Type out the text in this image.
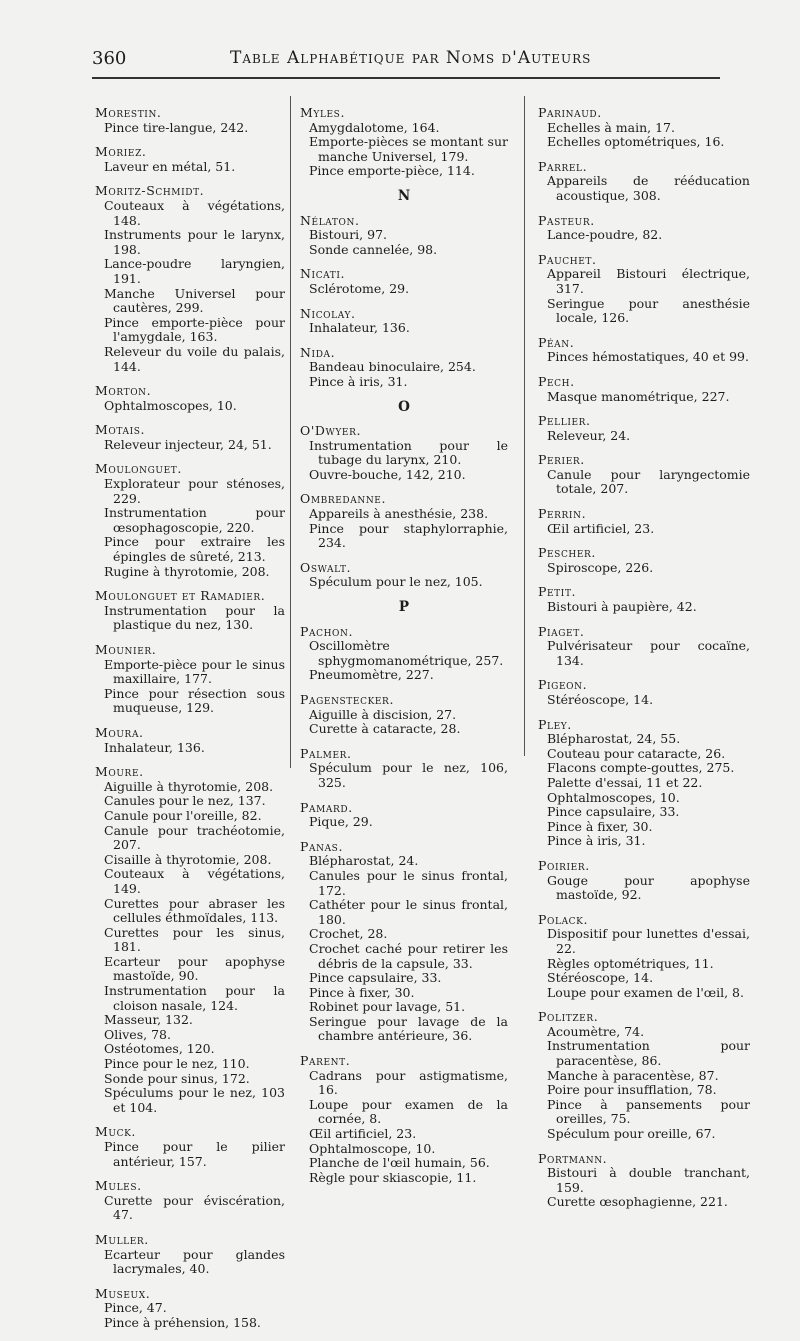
360	Table Alphabétique par Noms d'Auteurs
Morestin.
Pince tire-langue, 242.
Moriez.
Laveur en métal, 51.
Moritz-Schmidt.
Couteaux à végétations, 148.
Instruments pour le larynx, 198.
Lance-poudre laryngien, 191.
Manche Universel pour cautères, 299.
Pince emporte-pièce pour l'amygdale, 163.
Releveur du voile du palais, 144.
Morton.
Ophtalmoscopes, 10.
Motais.
Releveur injecteur, 24, 51.
Moulonguet.
Explorateur pour sténoses, 229.
Instrumentation pour œsophagoscopie, 220.
Pince pour extraire les épingles de sûreté, 213.
Rugine à thyrotomie, 208.
Moulonguet et Ramadier.
Instrumentation pour la plastique du nez, 130.
Mounier.
Emporte-pièce pour le sinus maxillaire, 177.
Pince pour résection sous muqueuse, 129.
Moura.
Inhalateur, 136.
Moure.
Aiguille à thyrotomie, 208.
Canules pour le nez, 137.
Canule pour l'oreille, 82.
Canule pour trachéotomie, 207.
Cisaille à thyrotomie, 208.
Couteaux à végétations, 149.
Curettes pour abraser les cellules éthmoïdales, 113.
Curettes pour les sinus, 181.
Ecarteur pour apophyse mastoïde, 90.
Instrumentation pour la cloison nasale, 124.
Masseur, 132.
Olives, 78.
Ostéotomes, 120.
Pince pour le nez, 110.
Sonde pour sinus, 172.
Spéculums pour le nez, 103 et 104.
Muck.
Pince pour le pilier antérieur, 157.
Mules.
Curette pour éviscération, 47.
Muller.
Ecarteur pour glandes lacrymales, 40.
Museux.
Pince, 47.
Pince à préhension, 158.
Myles.
Amygdalotome, 164.
Emporte-pièces se montant sur manche Universel, 179.
Pince emporte-pièce, 114.
N
Nélaton.
Bistouri, 97.
Sonde cannelée, 98.
Nicati.
Sclérotome, 29.
Nicolay.
Inhalateur, 136.
Nida.
Bandeau binoculaire, 254.
Pince à iris, 31.
O
O'Dwyer.
Instrumentation pour le tubage du larynx, 210.
Ouvre-bouche, 142, 210.
Ombredanne.
Appareils à anesthésie, 238.
Pince pour staphylorraphie, 234.
Oswalt.
Spéculum pour le nez, 105.
P
Pachon.
Oscillomètre sphygmomanométrique, 257.
Pneumomètre, 227.
Pagenstecker.
Aiguille à discision, 27.
Curette à cataracte, 28.
Palmer.
Spéculum pour le nez, 106, 325.
Pamard.
Pique, 29.
Panas.
Blépharostat, 24.
Canules pour le sinus frontal, 172.
Cathéter pour le sinus frontal, 180.
Crochet, 28.
Crochet caché pour retirer les débris de la capsule, 33.
Pince capsulaire, 33.
Pince à fixer, 30.
Robinet pour lavage, 51.
Seringue pour lavage de la chambre antérieure, 36.
Parent.
Cadrans pour astigmatisme, 16.
Loupe pour examen de la cornée, 8.
Œil artificiel, 23.
Ophtalmoscope, 10.
Planche de l'œil humain, 56.
Règle pour skiascopie, 11.
Parinaud.
Echelles à main, 17.
Echelles optométriques, 16.
Parrel.
Appareils de rééducation acoustique, 308.
Pasteur.
Lance-poudre, 82.
Pauchet.
Appareil Bistouri électrique, 317.
Seringue pour anesthésie locale, 126.
Péan.
Pinces hémostatiques, 40 et 99.
Pech.
Masque manométrique, 227.
Pellier.
Releveur, 24.
Perier.
Canule pour laryngectomie totale, 207.
Perrin.
Œil artificiel, 23.
Pescher.
Spiroscope, 226.
Petit.
Bistouri à paupière, 42.
Piaget.
Pulvérisateur pour cocaïne, 134.
Pigeon.
Stéréoscope, 14.
Pley.
Blépharostat, 24, 55.
Couteau pour cataracte, 26.
Flacons compte-gouttes, 275.
Palette d'essai, 11 et 22.
Ophtalmoscopes, 10.
Pince capsulaire, 33.
Pince à fixer, 30.
Pince à iris, 31.
Poirier.
Gouge pour apophyse mastoïde, 92.
Polack.
Dispositif pour lunettes d'essai, 22.
Règles optométriques, 11.
Stéréoscope, 14.
Loupe pour examen de l'œil, 8.
Politzer.
Acoumètre, 74.
Instrumentation pour paracentèse, 86.
Manche à paracentèse, 87.
Poire pour insufflation, 78.
Pince à pansements pour oreilles, 75.
Spéculum pour oreille, 67.
Portmann.
Bistouri à double tranchant, 159.
Curette œsophagienne, 221.
